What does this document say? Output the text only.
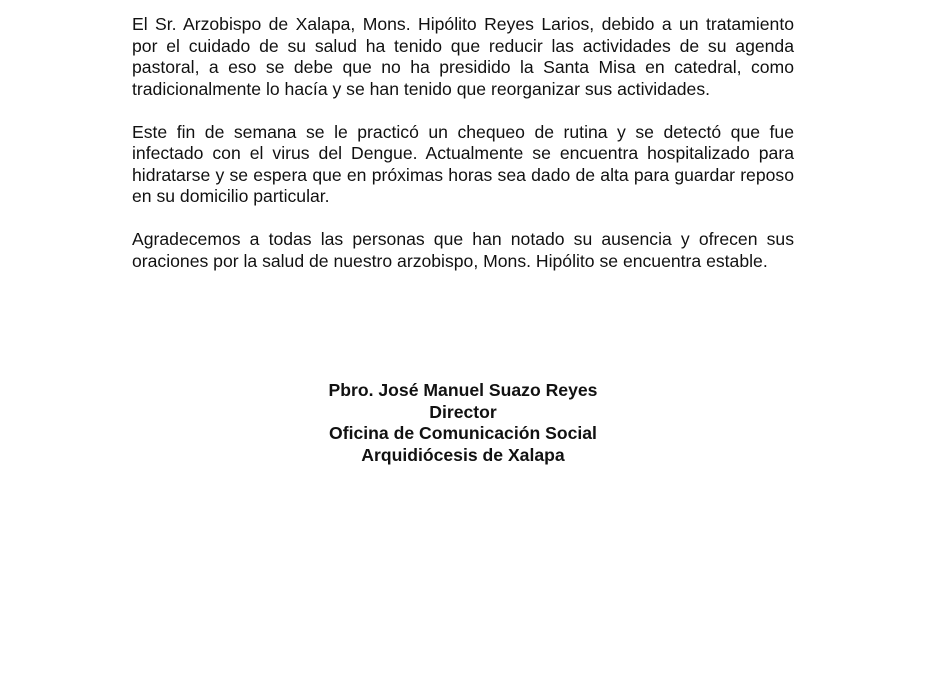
El Sr. Arzobispo de Xalapa, Mons. Hipólito Reyes Larios, debido a un tratamiento por el cuidado de su salud ha tenido que reducir las actividades de su agenda pastoral, a eso se debe que no ha presidido la Santa Misa en catedral, como tradicionalmente lo hacía y se han tenido que reorganizar sus actividades.

Este fin de semana se le practicó un chequeo de rutina y se detectó que fue infectado con el virus del Dengue. Actualmente se encuentra hospitalizado para hidratarse y se espera que en próximas horas sea dado de alta para guardar reposo en su domicilio particular.

Agradecemos a todas las personas que han notado su ausencia y ofrecen sus oraciones por la salud de nuestro arzobispo, Mons. Hipólito se encuentra estable.

Pbro. José Manuel Suazo Reyes
Director
Oficina de Comunicación Social
Arquidiócesis de Xalapa
